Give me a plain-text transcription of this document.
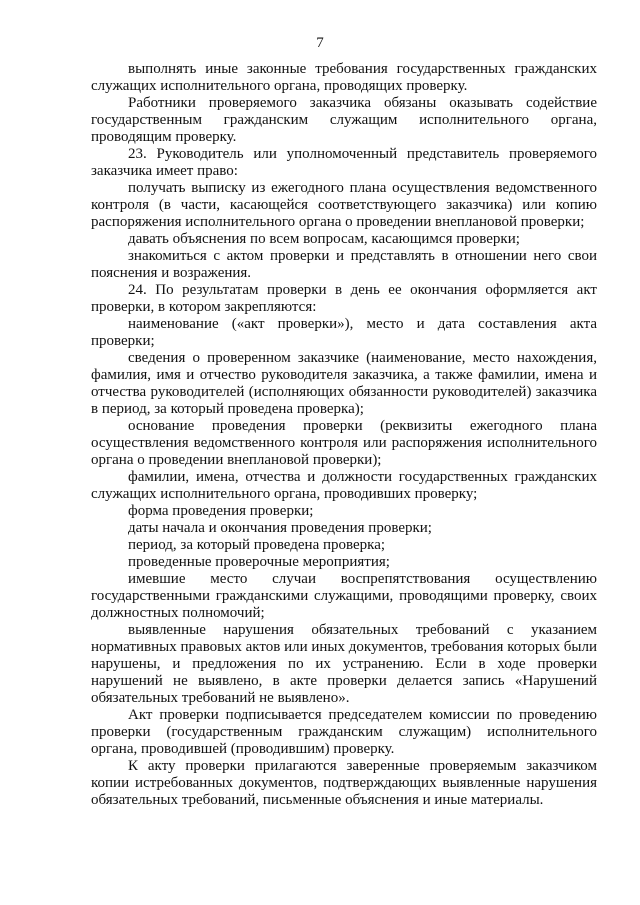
7

выполнять иные законные требования государственных гражданских служащих исполнительного органа, проводящих проверку.

Работники проверяемого заказчика обязаны оказывать содействие государственным гражданским служащим исполнительного органа, проводящим проверку.

23. Руководитель или уполномоченный представитель проверяемого заказчика имеет право:

получать выписку из ежегодного плана осуществления ведомственного контроля (в части, касающейся соответствующего заказчика) или копию распоряжения исполнительного органа о проведении внеплановой проверки;

давать объяснения по всем вопросам, касающимся проверки;

знакомиться с актом проверки и представлять в отношении него свои пояснения и возражения.

24. По результатам проверки в день ее окончания оформляется акт проверки, в котором закрепляются:

наименование («акт проверки»), место и дата составления акта проверки;

сведения о проверенном заказчике (наименование, место нахождения, фамилия, имя и отчество руководителя заказчика, а также фамилии, имена и отчества руководителей (исполняющих обязанности руководителей) заказчика в период, за который проведена проверка);

основание проведения проверки (реквизиты ежегодного плана осуществления ведомственного контроля или распоряжения исполнительного органа о проведении внеплановой проверки);

фамилии, имена, отчества и должности государственных гражданских служащих исполнительного органа, проводивших проверку;

форма проведения проверки;

даты начала и окончания проведения проверки;

период, за который проведена проверка;

проведенные проверочные мероприятия;

имевшие место случаи воспрепятствования осуществлению государственными гражданскими служащими, проводящими проверку, своих должностных полномочий;

выявленные нарушения обязательных требований с указанием нормативных правовых актов или иных документов, требования которых были нарушены, и предложения по их устранению. Если в ходе проверки нарушений не выявлено, в акте проверки делается запись «Нарушений обязательных требований не выявлено».

Акт проверки подписывается председателем комиссии по проведению проверки (государственным гражданским служащим) исполнительного органа, проводившей (проводившим) проверку.

К акту проверки прилагаются заверенные проверяемым заказчиком копии истребованных документов, подтверждающих выявленные нарушения обязательных требований, письменные объяснения и иные материалы.
